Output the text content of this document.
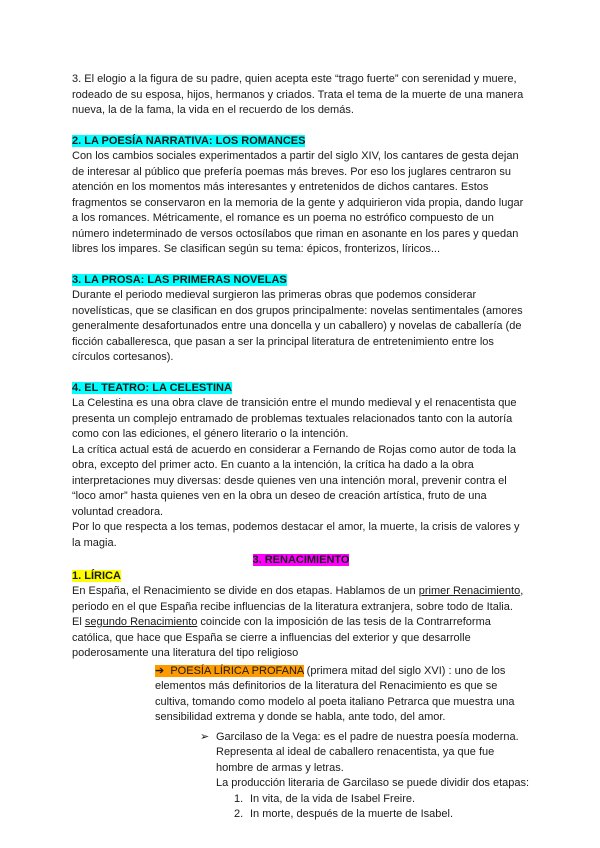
3. El elogio a la figura de su padre, quien acepta este “trago fuerte” con serenidad y muere, rodeado de su esposa, hijos, hermanos y criados. Trata el tema de la muerte de una manera nueva, la de la fama, la vida en el recuerdo de los demás.

2. LA POESÍA NARRATIVA: LOS ROMANCES

Con los cambios sociales experimentados a partir del siglo XIV, los cantares de gesta dejan de interesar al público que prefería poemas más breves. Por eso los juglares centraron su atención en los momentos más interesantes y entretenidos de dichos cantares. Estos fragmentos se conservaron en la memoria de la gente y adquirieron vida propia, dando lugar a los romances. Métricamente, el romance es un poema no estrófico compuesto de un número indeterminado de versos octosílabos que riman en asonante en los pares y quedan libres los impares. Se clasifican según su tema: épicos, fronterizos, líricos...

3. LA PROSA: LAS PRIMERAS NOVELAS

Durante el periodo medieval surgieron las primeras obras que podemos considerar novelísticas, que se clasifican en dos grupos principalmente: novelas sentimentales (amores generalmente desafortunados entre una doncella y un caballero) y novelas de caballería (de ficción caballeresca, que pasan a ser la principal literatura de entretenimiento entre los círculos cortesanos).

4. EL TEATRO: LA CELESTINA

La Celestina es una obra clave de transición entre el mundo medieval y el renacentista que presenta un complejo entramado de problemas textuales relacionados tanto con la autoría como con las ediciones, el género literario o la intención.

La crítica actual está de acuerdo en considerar a Fernando de Rojas como autor de toda la obra, excepto del primer acto. En cuanto a la intención, la crítica ha dado a la obra interpretaciones muy diversas: desde quienes ven una intención moral, prevenir contra el “loco amor” hasta quienes ven en la obra un deseo de creación artística, fruto de una voluntad creadora.

Por lo que respecta a los temas, podemos destacar el amor, la muerte, la crisis de valores y la magia.

3. RENACIMIENTO

1. LÍRICA

En España, el Renacimiento se divide en dos etapas. Hablamos de un primer Renacimiento, periodo en el que España recibe influencias de la literatura extranjera, sobre todo de Italia.

El segundo Renacimiento coincide con la imposición de las tesis de la Contrarreforma católica, que hace que España se cierre a influencias del exterior y que desarrolle poderosamente una literatura del tipo religioso

➔ POESÍA LÍRICA PROFANA (primera mitad del siglo XVI) : uno de los elementos más definitorios de la literatura del Renacimiento es que se cultiva, tomando como modelo al poeta italiano Petrarca que muestra una sensibilidad extrema y donde se habla, ante todo, del amor.
➢ Garcilaso de la Vega: es el padre de nuestra poesía moderna. Representa al ideal de caballero renacentista, ya que fue hombre de armas y letras.

La producción literaria de Garcilaso se puede dividir dos etapas:

1. In vita, de la vida de Isabel Freire.
2. In morte, después de la muerte de Isabel.
